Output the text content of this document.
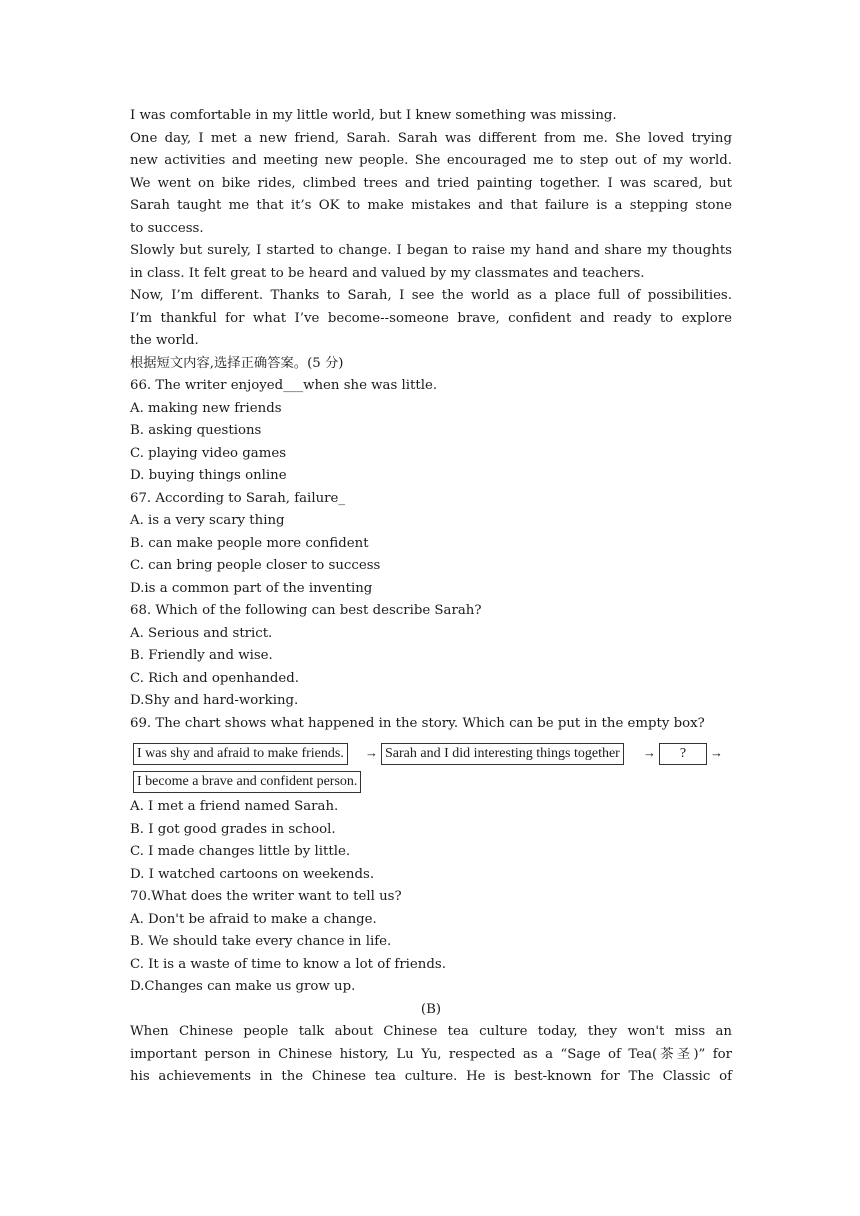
I was comfortable in my little world, but I knew something was missing.
One day, I met a new friend, Sarah. Sarah was different from me. She loved trying
new activities and meeting new people. She encouraged me to step out of my world.
We went on bike rides, climbed trees and tried painting together. I was scared, but
Sarah taught me that it’s OK to make mistakes and that failure is a stepping stone
to success.
Slowly but surely, I started to change. I began to raise my hand and share my thoughts
in class. It felt great to be heard and valued by my classmates and teachers.
Now, I’m different. Thanks to Sarah, I see the world as a place full of possibilities.
I’m thankful for what I’ve become--someone brave, confident and ready to explore
the world.
根据短文内容,选择正确答案。(5 分)
66. The writer enjoyed___when she was little.
A. making new friends
B. asking questions
C. playing video games
D. buying things online
67. According to Sarah, failure_
A. is a very scary thing
B. can make people more confident
C. can bring people closer to success
D.is a common part of the inventing
68. Which of the following can best describe Sarah?
A. Serious and strict.
B. Friendly and wise.
C. Rich and openhanded.
D.Shy and hard-working.
69. The chart shows what happened in the story. Which can be put in the empty box?
I was shy and afraid to make friends.	→ Sarah and I did interesting things together	→	?	→
I become a brave and confident person.
A. I met a friend named Sarah.
B. I got good grades in school.
C. I made changes little by little.
D. I watched cartoons on weekends.
70.What does the writer want to tell us?
A. Don't be afraid to make a change.
B. We should take every chance in life.
C. It is a waste of time to know a lot of friends.
D.Changes can make us grow up.
(B)
When Chinese people talk about Chinese tea culture today, they won't miss an
important person in Chinese history, Lu Yu, respected as a “Sage of Tea(茶圣)” for
his achievements in the Chinese tea culture. He is best-known for The Classic of
